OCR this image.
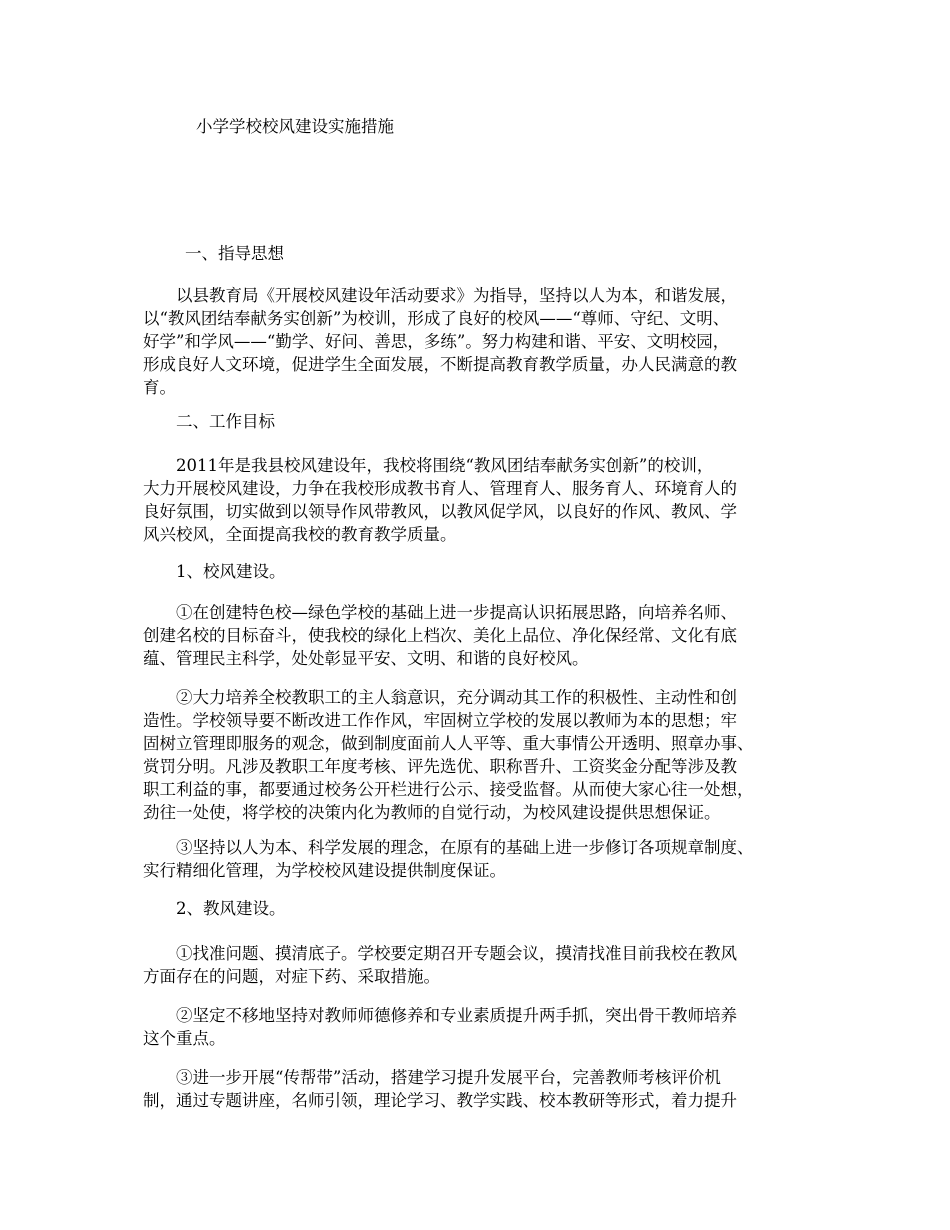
小学学校校风建设实施措施
一、指导思想
以县教育局《开展校风建设年活动要求》为指导，坚持以人为本，和谐发展，
以“教风团结奉献务实创新”为校训，形成了良好的校风——“尊师、守纪、文明、
好学”和学风——“勤学、好问、善思，多练”。努力构建和谐、平安、文明校园，
形成良好人文环境，促进学生全面发展，不断提高教育教学质量，办人民满意的教
育。
二、工作目标
2011年是我县校风建设年，我校将围绕“教风团结奉献务实创新”的校训，
大力开展校风建设，力争在我校形成教书育人、管理育人、服务育人、环境育人的
良好氛围，切实做到以领导作风带教风，以教风促学风，以良好的作风、教风、学
风兴校风，全面提高我校的教育教学质量。
1、校风建设。
①在创建特色校—绿色学校的基础上进一步提高认识拓展思路，向培养名师、
创建名校的目标奋斗，使我校的绿化上档次、美化上品位、净化保经常、文化有底
蕴、管理民主科学，处处彰显平安、文明、和谐的良好校风。
②大力培养全校教职工的主人翁意识，充分调动其工作的积极性、主动性和创
造性。学校领导要不断改进工作作风，牢固树立学校的发展以教师为本的思想；牢
固树立管理即服务的观念，做到制度面前人人平等、重大事情公开透明、照章办事、
赏罚分明。凡涉及教职工年度考核、评先选优、职称晋升、工资奖金分配等涉及教
职工利益的事，都要通过校务公开栏进行公示、接受监督。从而使大家心往一处想，
劲往一处使，将学校的决策内化为教师的自觉行动，为校风建设提供思想保证。
③坚持以人为本、科学发展的理念，在原有的基础上进一步修订各项规章制度、
实行精细化管理，为学校校风建设提供制度保证。
2、教风建设。
①找准问题、摸清底子。学校要定期召开专题会议，摸清找准目前我校在教风
方面存在的问题，对症下药、采取措施。
②坚定不移地坚持对教师师德修养和专业素质提升两手抓，突出骨干教师培养
这个重点。
③进一步开展“传帮带”活动，搭建学习提升发展平台，完善教师考核评价机
制，通过专题讲座，名师引领，理论学习、教学实践、校本教研等形式，着力提升
